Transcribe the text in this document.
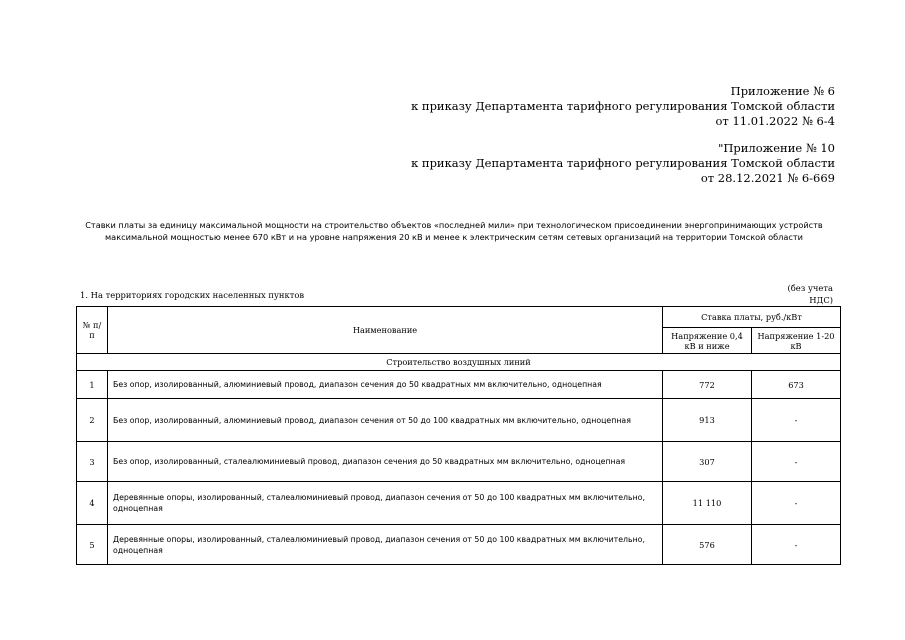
Приложение № 6
к приказу Департамента тарифного регулирования Томской области
от 11.01.2022 № 6-4
"Приложение № 10
к приказу Департамента тарифного регулирования Томской области
от 28.12.2021 № 6-669
Ставки платы за единицу максимальной мощности на строительство объектов «последней мили» при технологическом присоединении энергопринимающих устройств максимальной мощностью менее 670 кВт и на уровне напряжения 20 кВ и менее к электрическим сетям сетевых организаций на территории Томской области
1. На территориях городских населенных пунктов
(без учета
НДС)
№ п/п	Наименование	Ставка платы, руб./кВт	
		Напряжение 0,4 кВ и ниже	Напряжение 1-20 кВ
Строительство воздушных линий			
1	Без опор, изолированный, алюминиевый провод, диапазон сечения до 50 квадратных мм включительно, одноцепная	772	673
2	Без опор, изолированный, алюминиевый провод, диапазон сечения от 50 до 100 квадратных мм включительно, одноцепная	913	-
3	Без опор, изолированный, сталеалюминиевый провод, диапазон сечения до 50 квадратных мм включительно, одноцепная	307	-
4	Деревянные опоры, изолированный, сталеалюминиевый провод, диапазон сечения от 50 до 100 квадратных мм включительно, одноцепная	11 110	-
5	Деревянные опоры, изолированный, сталеалюминиевый провод, диапазон сечения от 50 до 100 квадратных мм включительно, одноцепная	576	-
